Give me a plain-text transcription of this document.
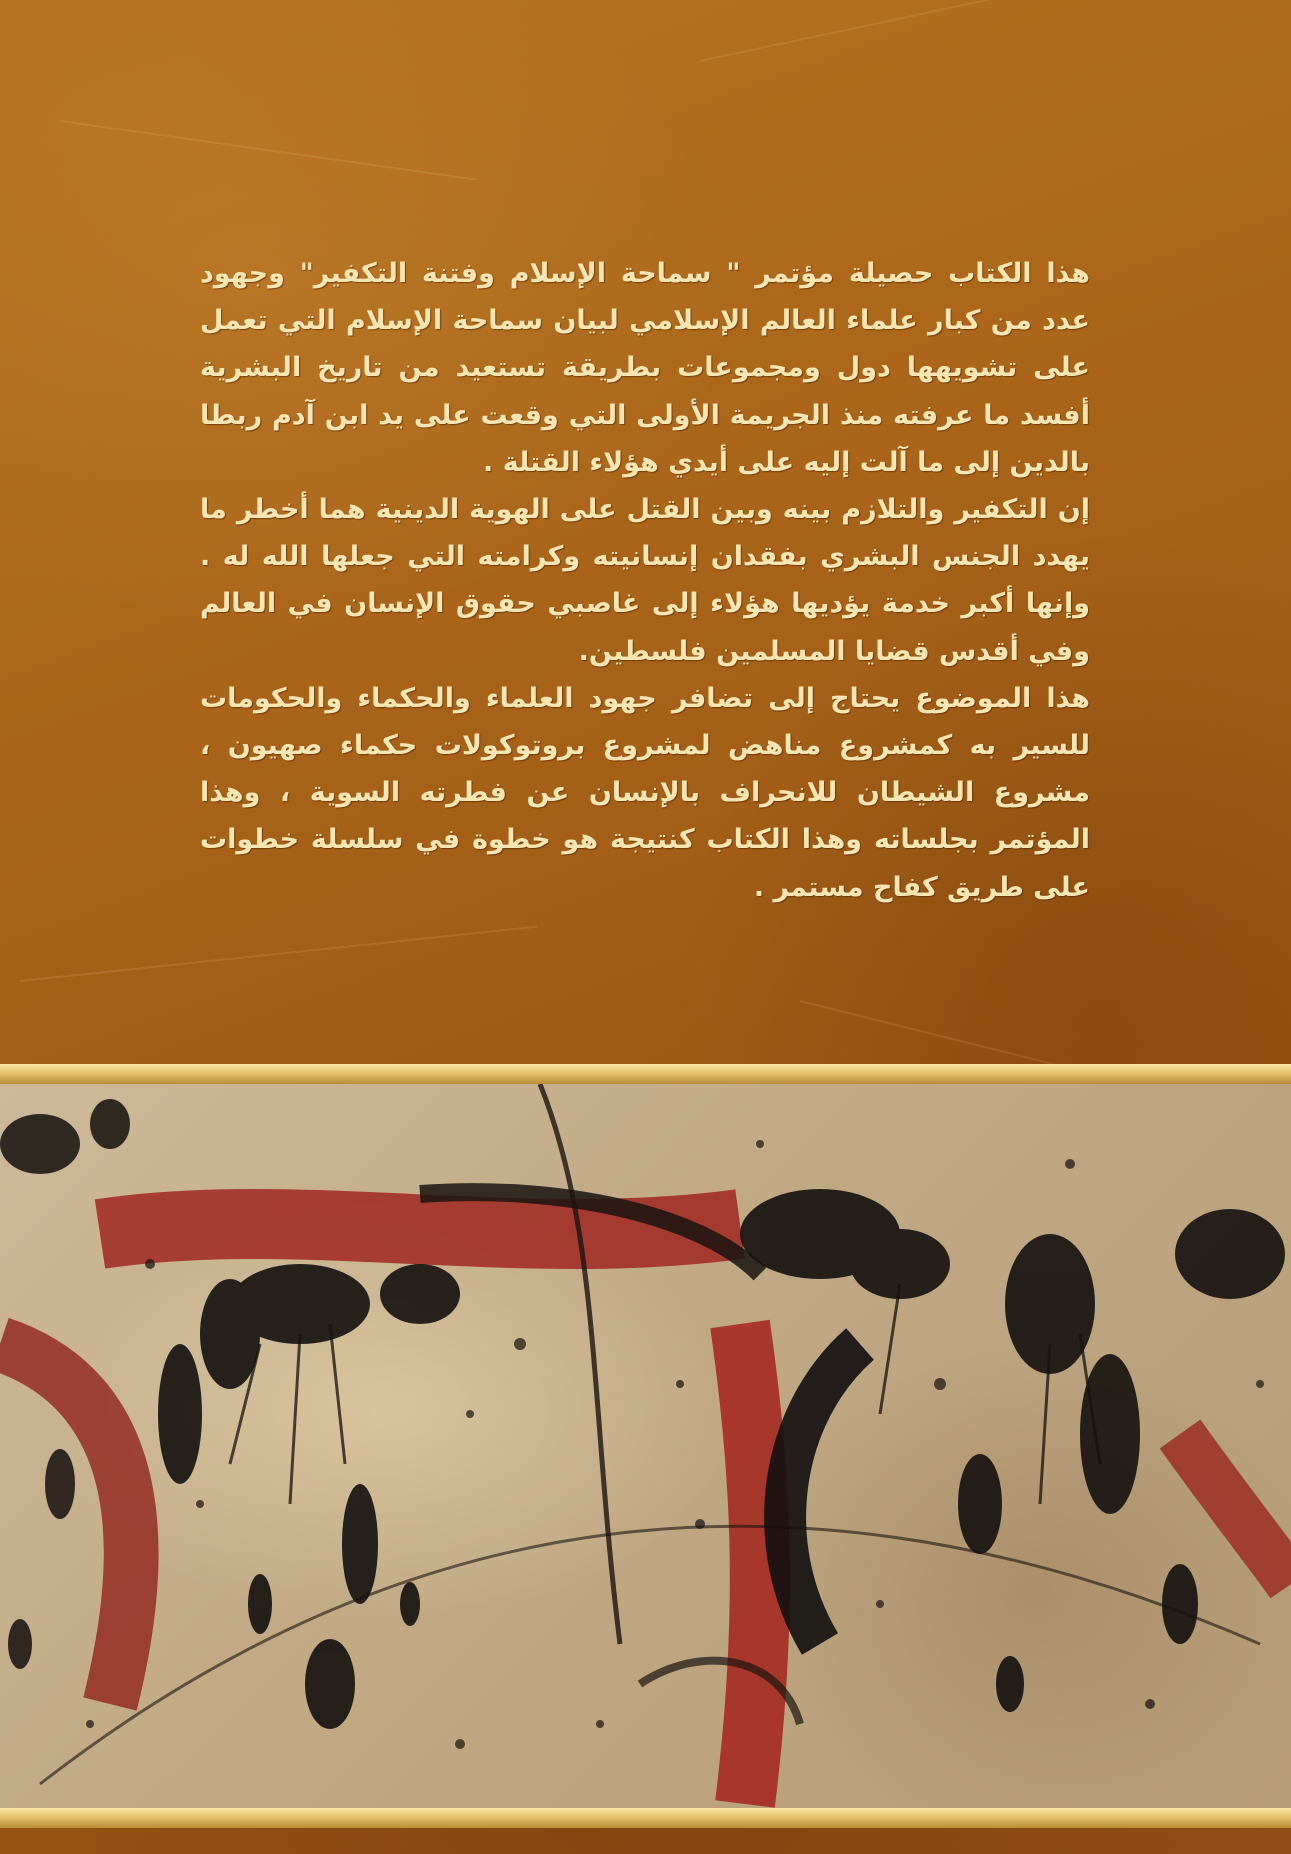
هذا الكتاب حصيلة مؤتمر " سماحة الإسلام وفتنة التكفير" وجهود عدد من كبار علماء العالم الإسلامي لبيان سماحة الإسلام التي تعمل على تشويهها دول ومجموعات بطريقة تستعيد من تاريخ البشرية أفسد ما عرفته منذ الجريمة الأولى التي وقعت على يد ابن آدم ربطا بالدين إلى ما آلت إليه على أيدي هؤلاء القتلة .

إن التكفير والتلازم بينه وبين القتل على الهوية الدينية هما أخطر ما يهدد الجنس البشري بفقدان إنسانيته وكرامته التي جعلها الله له . وإنها أكبر خدمة يؤديها هؤلاء إلى غاصبي حقوق الإنسان في العالم وفي أقدس قضايا المسلمين فلسطين.

هذا الموضوع يحتاج إلى تضافر جهود العلماء والحكماء والحكومات للسير به كمشروع مناهض لمشروع بروتوكولات حكماء صهيون ، مشروع الشيطان للانحراف بالإنسان عن فطرته السوية ، وهذا المؤتمر بجلساته وهذا الكتاب كنتيجة هو خطوة في سلسلة خطوات على طريق كفاح مستمر .
